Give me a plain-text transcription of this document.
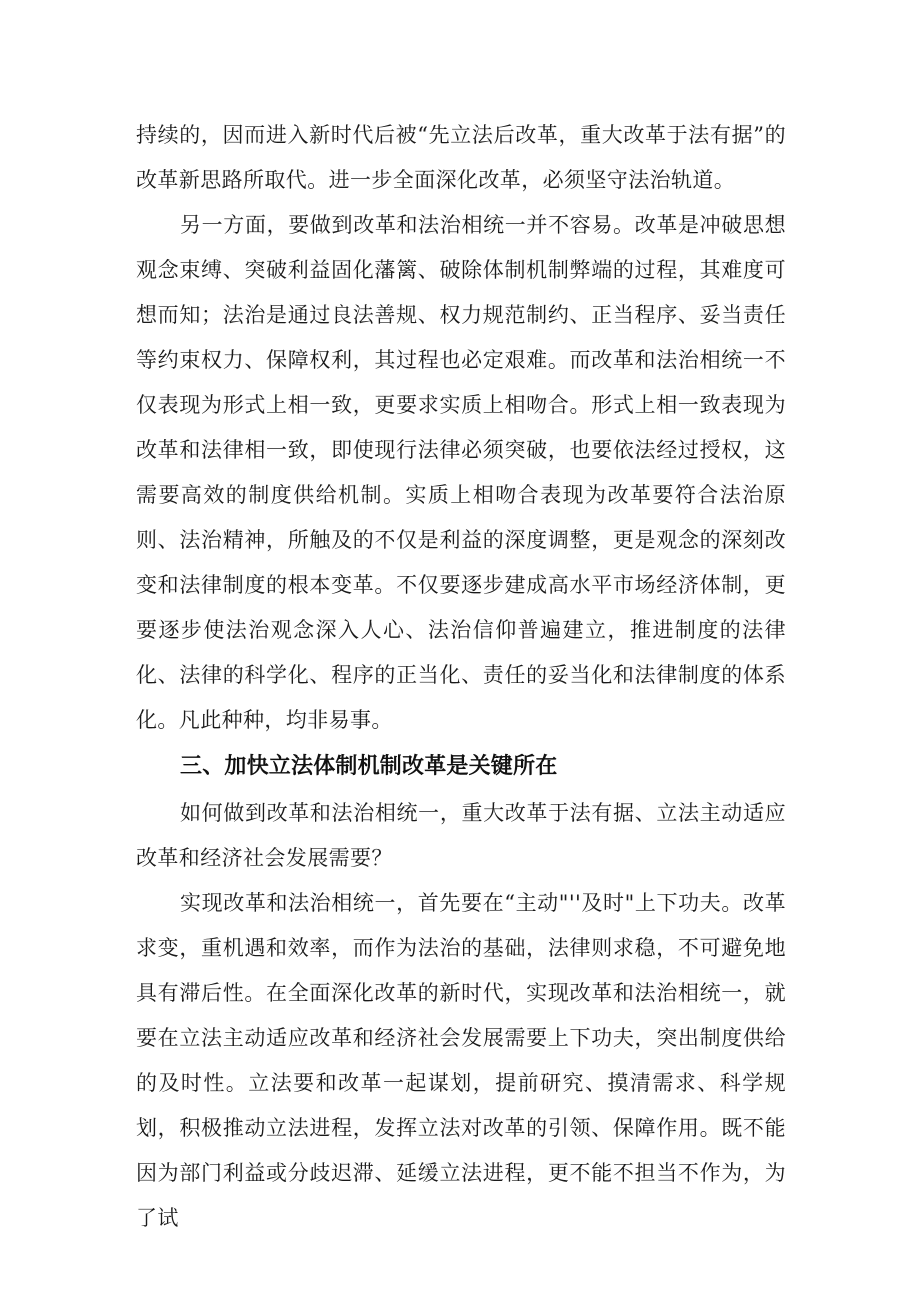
持续的，因而进入新时代后被“先立法后改革，重大改革于法有据”的改革新思路所取代。进一步全面深化改革，必须坚守法治轨道。

另一方面，要做到改革和法治相统一并不容易。改革是冲破思想观念束缚、突破利益固化藩篱、破除体制机制弊端的过程，其难度可想而知；法治是通过良法善规、权力规范制约、正当程序、妥当责任等约束权力、保障权利，其过程也必定艰难。而改革和法治相统一不仅表现为形式上相一致，更要求实质上相吻合。形式上相一致表现为改革和法律相一致，即使现行法律必须突破，也要依法经过授权，这需要高效的制度供给机制。实质上相吻合表现为改革要符合法治原则、法治精神，所触及的不仅是利益的深度调整，更是观念的深刻改变和法律制度的根本变革。不仅要逐步建成高水平市场经济体制，更要逐步使法治观念深入人心、法治信仰普遍建立，推进制度的法律化、法律的科学化、程序的正当化、责任的妥当化和法律制度的体系化。凡此种种，均非易事。

三、加快立法体制机制改革是关键所在

如何做到改革和法治相统一，重大改革于法有据、立法主动适应改革和经济社会发展需要？

实现改革和法治相统一，首先要在“主动"''及时"上下功夫。改革求变，重机遇和效率，而作为法治的基础，法律则求稳，不可避免地具有滞后性。在全面深化改革的新时代，实现改革和法治相统一，就要在立法主动适应改革和经济社会发展需要上下功夫，突出制度供给的及时性。立法要和改革一起谋划，提前研究、摸清需求、科学规划，积极推动立法进程，发挥立法对改革的引领、保障作用。既不能因为部门利益或分歧迟滞、延缓立法进程，更不能不担当不作为，为了试
